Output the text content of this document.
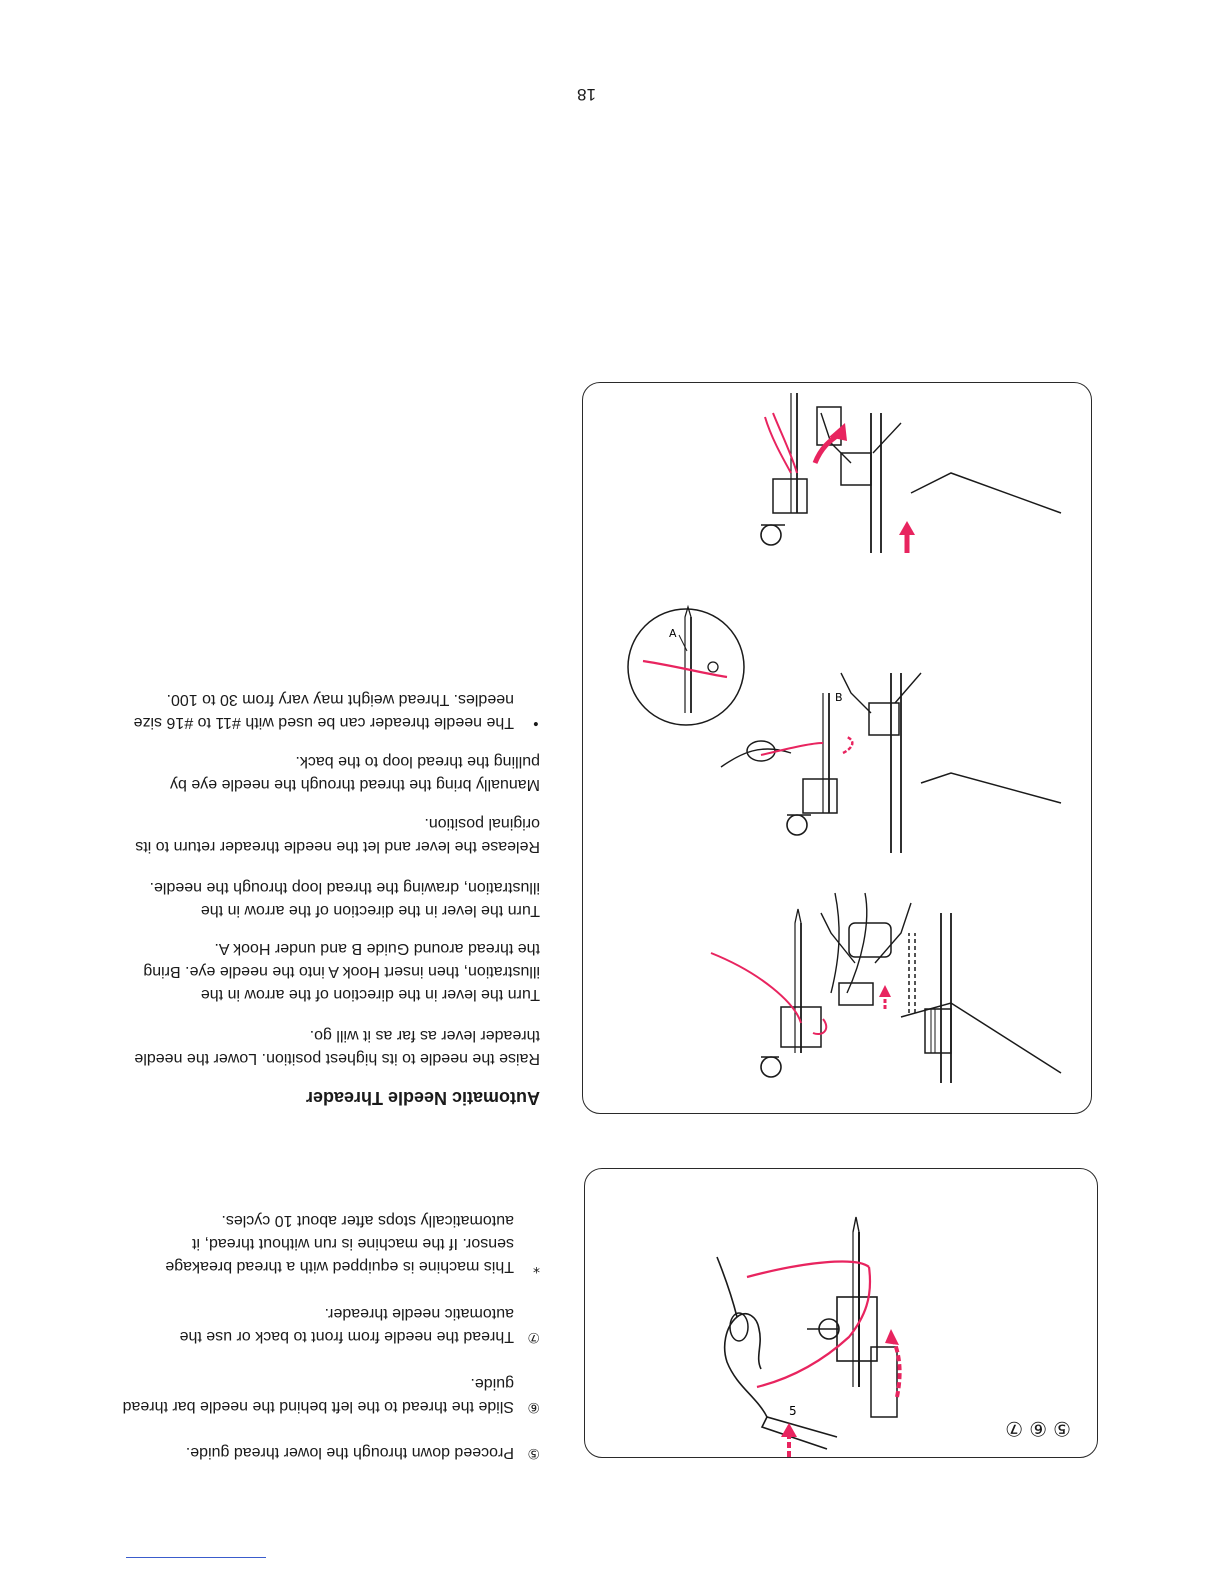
⑤
⑥
⑦
5
⑤
Proceed down through the lower thread guide.
⑥
Slide the thread to the left behind the needle bar thread guide.
⑦
Thread the needle from front to back or use the automatic needle threader.
*
This machine is equipped with a thread breakage sensor. If the machine is run without thread, it automatically stops after about 10 cycles.
B
A
Automatic Needle Threader
Raise the needle to its highest position. Lower the needle threader lever as far as it will go.
Turn the lever in the direction of the arrow in the illustration, then insert Hook A into the needle eye. Bring the thread around Guide B and under Hook A.
Turn the lever in the direction of the arrow in the illustration, drawing the thread loop through the needle.
Release the lever and let the needle threader return to its original position.
Manually bring the thread through the needle eye by pulling the thread loop to the back.
•
The needle threader can be used with #11 to #16 size needles. Thread weight may vary from 30 to 100.
18
